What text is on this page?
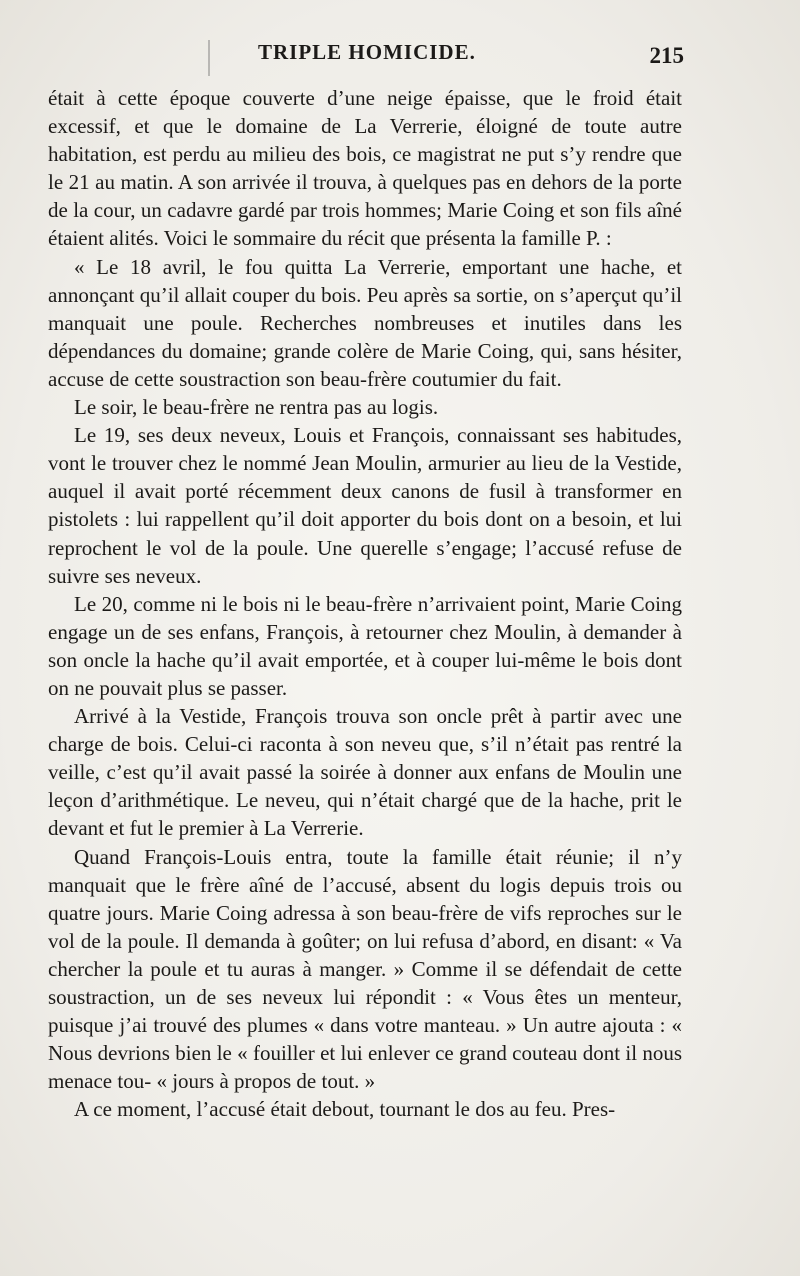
TRIPLE HOMICIDE.	215

était à cette époque couverte d’une neige épaisse, que le froid était excessif, et que le domaine de La Verrerie, éloigné de toute autre habitation, est perdu au milieu des bois, ce magistrat ne put s’y rendre que le 21 au matin. A son arrivée il trouva, à quelques pas en dehors de la porte de la cour, un cadavre gardé par trois hommes; Marie Coing et son fils aîné étaient alités. Voici le sommaire du récit que présenta la famille P. :

« Le 18 avril, le fou quitta La Verrerie, emportant une hache, et annonçant qu’il allait couper du bois. Peu après sa sortie, on s’aperçut qu’il manquait une poule. Recherches nombreuses et inutiles dans les dépendances du domaine; grande colère de Marie Coing, qui, sans hésiter, accuse de cette soustraction son beau-frère coutumier du fait.

Le soir, le beau-frère ne rentra pas au logis.

Le 19, ses deux neveux, Louis et François, connaissant ses habitudes, vont le trouver chez le nommé Jean Moulin, armurier au lieu de la Vestide, auquel il avait porté récemment deux canons de fusil à transformer en pistolets : lui rappellent qu’il doit apporter du bois dont on a besoin, et lui reprochent le vol de la poule. Une querelle s’engage; l’accusé refuse de suivre ses neveux.

Le 20, comme ni le bois ni le beau-frère n’arrivaient point, Marie Coing engage un de ses enfans, François, à retourner chez Moulin, à demander à son oncle la hache qu’il avait emportée, et à couper lui-même le bois dont on ne pouvait plus se passer.

Arrivé à la Vestide, François trouva son oncle prêt à partir avec une charge de bois. Celui-ci raconta à son neveu que, s’il n’était pas rentré la veille, c’est qu’il avait passé la soirée à donner aux enfans de Moulin une leçon d’arithmétique. Le neveu, qui n’était chargé que de la hache, prit le devant et fut le premier à La Verrerie.

Quand François-Louis entra, toute la famille était réunie; il n’y manquait que le frère aîné de l’accusé, absent du logis depuis trois ou quatre jours. Marie Coing adressa à son beau-frère de vifs reproches sur le vol de la poule. Il demanda à goûter; on lui refusa d’abord, en disant: « Va chercher la poule et tu auras à manger. » Comme il se défendait de cette soustraction, un de ses neveux lui répondit : « Vous êtes un menteur, puisque j’ai trouvé des plumes « dans votre manteau. » Un autre ajouta : « Nous devrions bien le « fouiller et lui enlever ce grand couteau dont il nous menace tou- « jours à propos de tout. »

A ce moment, l’accusé était debout, tournant le dos au feu. Pres-
